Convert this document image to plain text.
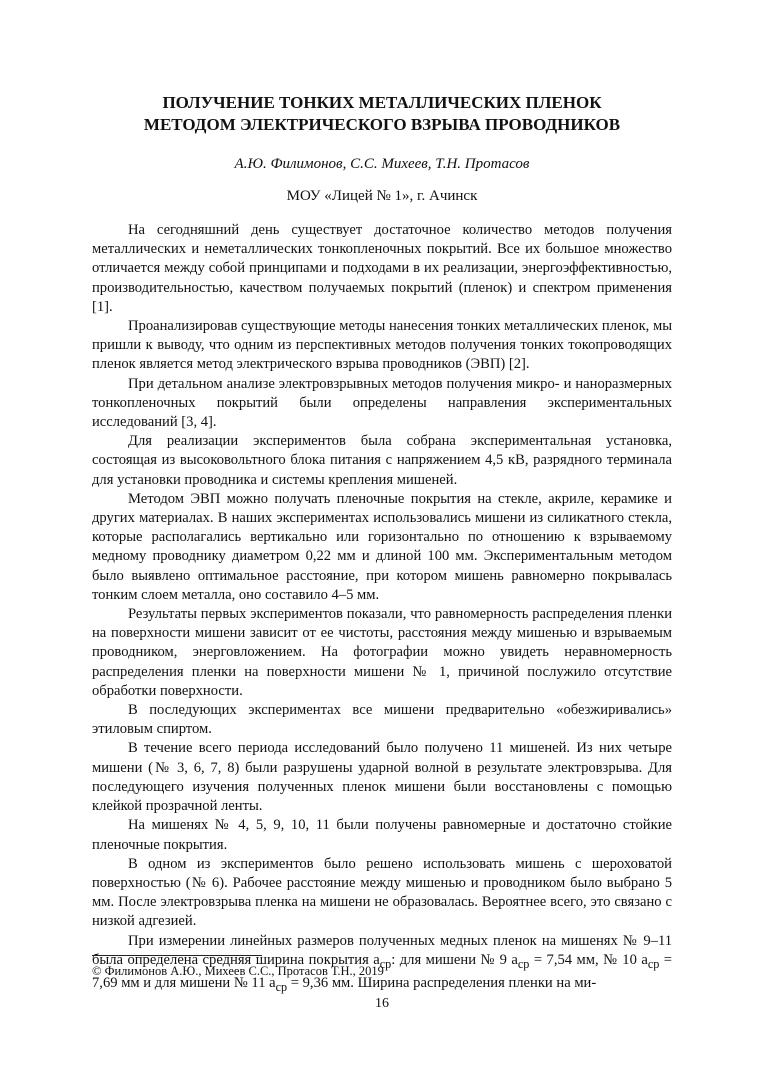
ПОЛУЧЕНИЕ ТОНКИХ МЕТАЛЛИЧЕСКИХ ПЛЕНОК
МЕТОДОМ ЭЛЕКТРИЧЕСКОГО ВЗРЫВА ПРОВОДНИКОВ
А.Ю. Филимонов, С.С. Михеев, Т.Н. Протасов
МОУ «Лицей № 1», г. Ачинск

На сегодняшний день существует достаточное количество методов получения металлических и неметаллических тонкопленочных покрытий. Все их большое множество отличается между собой принципами и подходами в их реализации, энергоэффективностью, производительностью, качеством получаемых покрытий (пленок) и спектром применения [1].

Проанализировав существующие методы нанесения тонких металлических пленок, мы пришли к выводу, что одним из перспективных методов получения тонких токопроводящих пленок является метод электрического взрыва проводников (ЭВП) [2].

При детальном анализе электровзрывных методов получения микро- и наноразмерных тонкопленочных покрытий были определены направления экспериментальных исследований [3, 4].

Для реализации экспериментов была собрана экспериментальная установка, состоящая из высоковольтного блока питания с напряжением 4,5 кВ, разрядного терминала для установки проводника и системы крепления мишеней.

Методом ЭВП можно получать пленочные покрытия на стекле, акриле, керамике и других материалах. В наших экспериментах использовались мишени из силикатного стекла, которые располагались вертикально или горизонтально по отношению к взрываемому медному проводнику диаметром 0,22 мм и длиной 100 мм. Экспериментальным методом было выявлено оптимальное расстояние, при котором мишень равномерно покрывалась тонким слоем металла, оно составило 4–5 мм.

Результаты первых экспериментов показали, что равномерность распределения пленки на поверхности мишени зависит от ее чистоты, расстояния между мишенью и взрываемым проводником, энерговложением. На фотографии можно увидеть неравномерность распределения пленки на поверхности мишени № 1, причиной послужило отсутствие обработки поверхности.

В последующих экспериментах все мишени предварительно «обезжиривались» этиловым спиртом.

В течение всего периода исследований было получено 11 мишеней. Из них четыре мишени (№ 3, 6, 7, 8) были разрушены ударной волной в результате электровзрыва. Для последующего изучения полученных пленок мишени были восстановлены с помощью клейкой прозрачной ленты.

На мишенях № 4, 5, 9, 10, 11 были получены равномерные и достаточно стойкие пленочные покрытия.

В одном из экспериментов было решено использовать мишень с шероховатой поверхностью (№ 6). Рабочее расстояние между мишенью и проводником было выбрано 5 мм. После электровзрыва пленка на мишени не образовалась. Вероятнее всего, это связано с низкой адгезией.

При измерении линейных размеров полученных медных пленок на мишенях № 9–11 была определена средняя ширина покрытия $a_{ср}$: для мишени № 9 $a_{ср} = 7,54$ мм, № 10 $a_{ср} = 7,69$ мм и для мишени № 11 $a_{ср} = 9,36$ мм. Ширина распределения пленки на ми-

© Филимонов А.Ю., Михеев С.С., Протасов Т.Н., 2019
16
